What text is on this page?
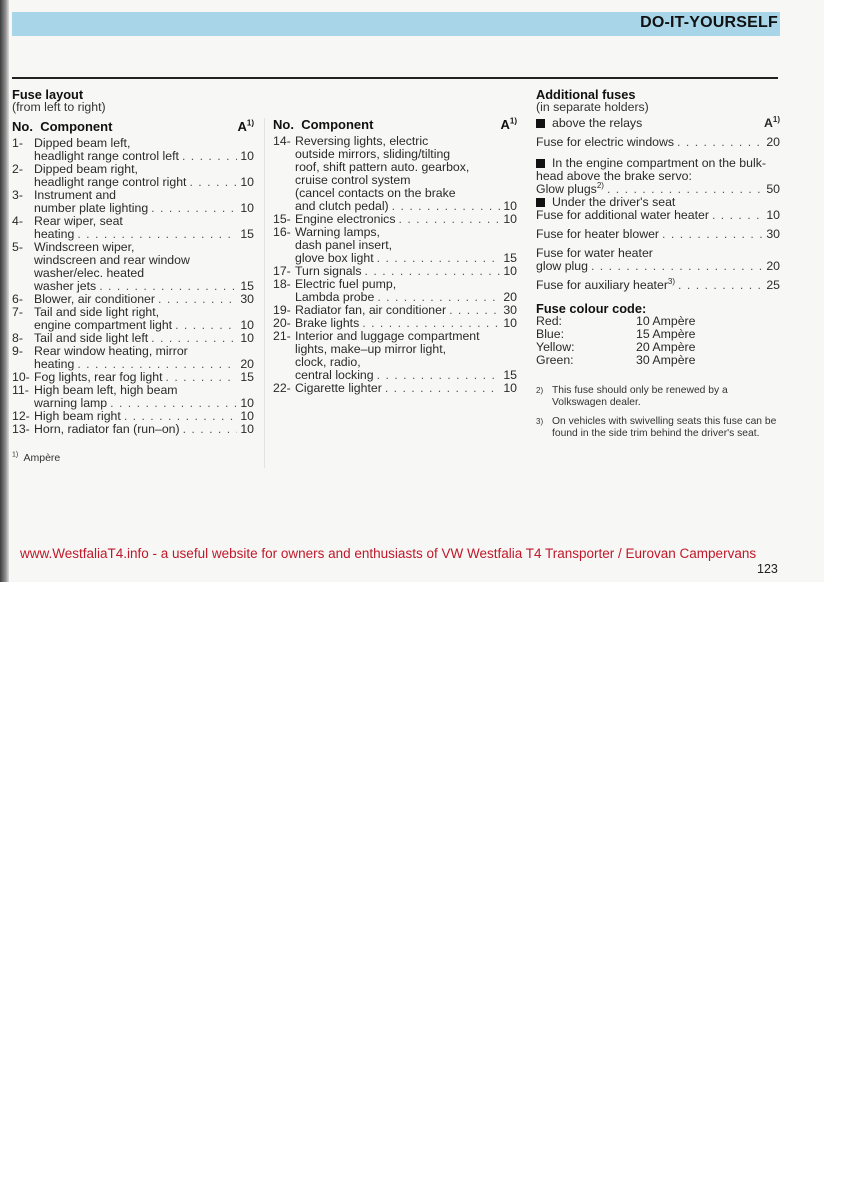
DO-IT-YOURSELF
Fuse layout
(from left to right)
No. Component	$A^{1)}$
1- Dipped beam left,
headlight range control left . . .	10
2- Dipped beam right,
headlight range control right . . .	10
3- Instrument and
number plate lighting . . .	10
4- Rear wiper, seat
heating . . .	15
5- Windscreen wiper,
windscreen and rear window
washer/elec. heated
washer jets . . .	15
6- Blower, air conditioner . . .	30
7- Tail and side light right,
engine compartment light . . .	10
8- Tail and side light left . . .	10
9- Rear window heating, mirror
heating . . .	20
10- Fog lights, rear fog light . . .	15
11- High beam left, high beam
warning lamp . . .	10
12- High beam right . . .	10
13- Horn, radiator fan (run–on) . . .	10
$^{1)}$ Ampère
No. Component	$A^{1)}$
14- Reversing lights, electric
outside mirrors, sliding/tilting
roof, shift pattern auto. gearbox,
cruise control system
(cancel contacts on the brake
and clutch pedal) . . .	10
15- Engine electronics . . .	10
16- Warning lamps,
dash panel insert,
glove box light . . .	15
17- Turn signals . . .	10
18- Electric fuel pump,
Lambda probe . . .	20
19- Radiator fan, air conditioner . . .	30
20- Brake lights . . .	10
21- Interior and luggage compartment
lights, make–up mirror light,
clock, radio,
central locking . . .	15
22- Cigarette lighter . . .	10
Additional fuses
(in separate holders)
above the relays	$A^{1)}$
Fuse for electric windows . . .	20
In the engine compartment on the bulk-head above the brake servo:
Glow plugs$^{2)}$ . . .	50
Under the driver's seat
Fuse for additional water heater . . .	10
Fuse for heater blower . . .	30
Fuse for water heater
glow plug . . .	20
Fuse for auxiliary heater$^{3)}$ . . .	25
Fuse colour code:
Red:	10 Ampère
Blue:	15 Ampère
Yellow:	20 Ampère
Green:	30 Ampère
2) This fuse should only be renewed by a Volkswagen dealer.
3) On vehicles with swivelling seats this fuse can be found in the side trim behind the driver's seat.
www.WestfaliaT4.info - a useful website for owners and enthusiasts of VW Westfalia T4 Transporter / Eurovan Campervans
123
